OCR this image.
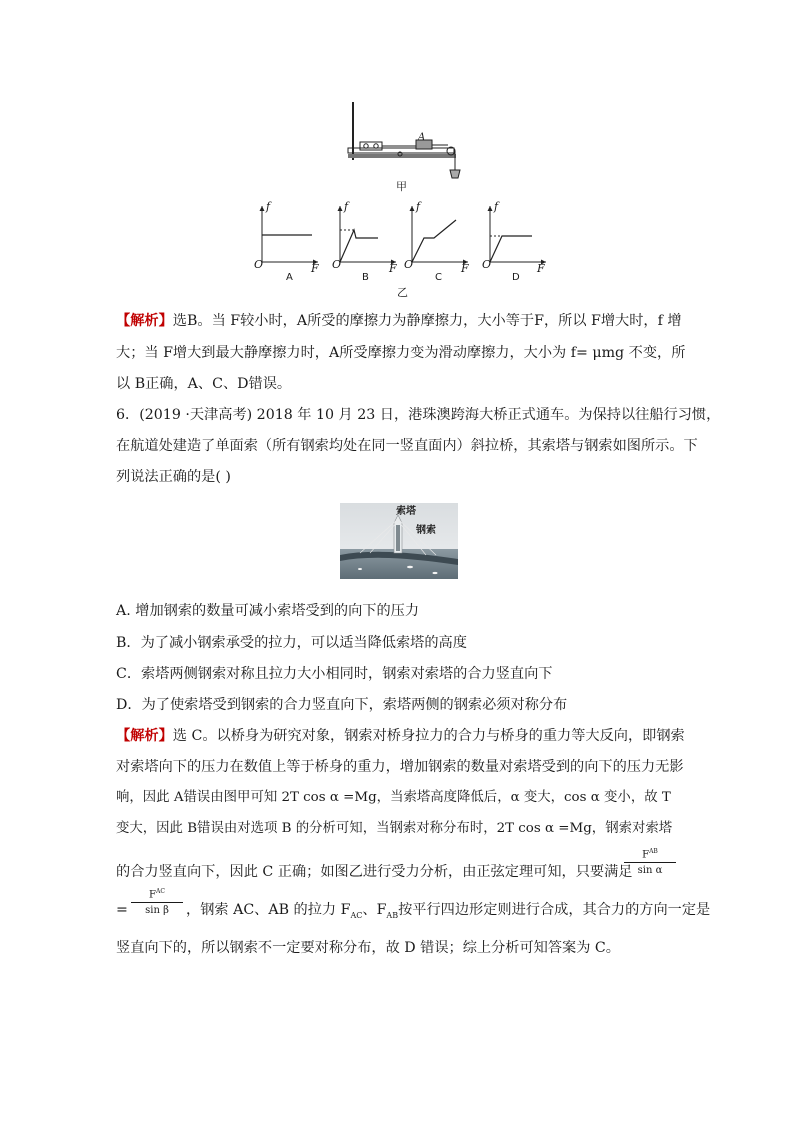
A
甲
f
O	F
A
f
O	F
B
f
O	F
C
f
O	F
D
乙
【解析】选B。当 F较小时，A所受的摩擦力为静摩擦力，大小等于F，所以 F增大时，f 增
大；当 F增大到最大静摩擦力时，A所受摩擦力变为滑动摩擦力，大小为 f= μmg 不变，所
以 B正确，A、C、D错误。
6．(2019 ·天津高考) 2018 年 10 月 23 日，港珠澳跨海大桥正式通车。为保持以往船行习惯，
在航道处建造了单面索（所有钢索均处在同一竖直面内）斜拉桥，其索塔与钢索如图所示。下
列说法正确的是( )
索塔
钢索
A. 增加钢索的数量可减小索塔受到的向下的压力
B．为了减小钢索承受的拉力，可以适当降低索塔的高度
C．索塔两侧钢索对称且拉力大小相同时，钢索对索塔的合力竖直向下
D．为了使索塔受到钢索的合力竖直向下，索塔两侧的钢索必须对称分布
【解析】选 C。以桥身为研究对象，钢索对桥身拉力的合力与桥身的重力等大反向，即钢索
对索塔向下的压力在数值上等于桥身的重力，增加钢索的数量对索塔受到的向下的压力无影
响，因此 A错误由图甲可知 2T cos α =Mg，当索塔高度降低后，α 变大，cos α 变小，故 T
变大，因此 B错误由对选项 B 的分析可知，当钢索对称分布时，2T cos α =Mg，钢索对索塔
的合力竖直向下，因此 C 正确；如图乙进行受力分析，由正弦定理可知，只要满足
$F^{AB}$
sin α
=
$F^{AC}$
sin β	，钢索 AC、AB 的拉力 $F_{AC}$、$F_{AB}$按平行四边形定则进行合成，其合力的方向一定是
竖直向下的，所以钢索不一定要对称分布，故 D 错误；综上分析可知答案为 C。
